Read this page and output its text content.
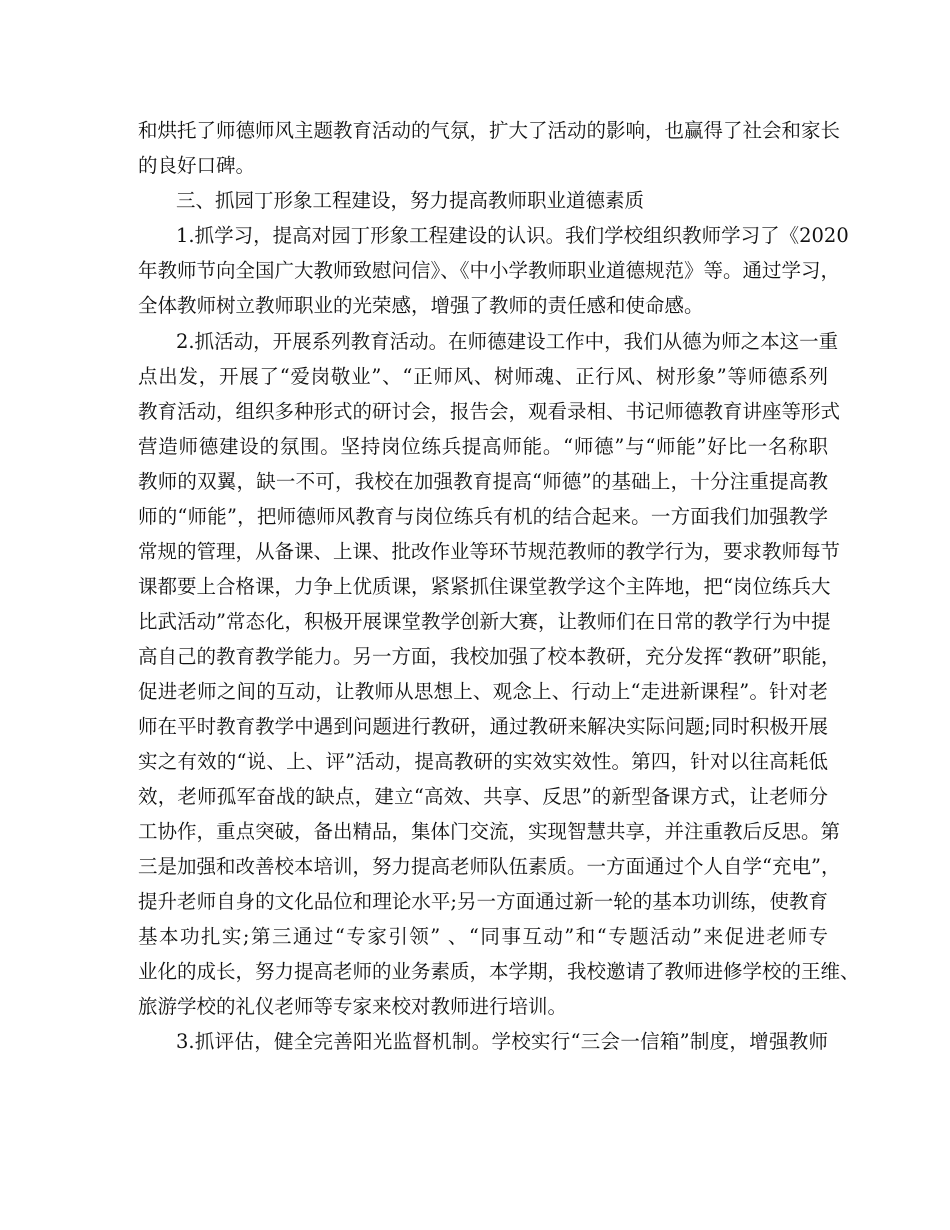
和烘托了师德师风主题教育活动的气氛，扩大了活动的影响，也赢得了社会和家长
的良好口碑。
三、抓园丁形象工程建设，努力提高教师职业道德素质
1.抓学习，提高对园丁形象工程建设的认识。我们学校组织教师学习了《2020
年教师节向全国广大教师致慰问信》、《中小学教师职业道德规范》等。通过学习，
全体教师树立教师职业的光荣感，增强了教师的责任感和使命感。
2.抓活动，开展系列教育活动。在师德建设工作中，我们从德为师之本这一重
点出发，开展了“爱岗敬业”、“正师风、树师魂、正行风、树形象”等师德系列
教育活动，组织多种形式的研讨会，报告会，观看录相、书记师德教育讲座等形式
营造师德建设的氛围。坚持岗位练兵提高师能。“师德”与“师能”好比一名称职
教师的双翼，缺一不可，我校在加强教育提高“师德”的基础上，十分注重提高教
师的“师能”，把师德师风教育与岗位练兵有机的结合起来。一方面我们加强教学
常规的管理，从备课、上课、批改作业等环节规范教师的教学行为，要求教师每节
课都要上合格课，力争上优质课，紧紧抓住课堂教学这个主阵地，把“岗位练兵大
比武活动”常态化，积极开展课堂教学创新大赛，让教师们在日常的教学行为中提
高自己的教育教学能力。另一方面，我校加强了校本教研，充分发挥“教研”职能，
促进老师之间的互动，让教师从思想上、观念上、行动上“走进新课程”。针对老
师在平时教育教学中遇到问题进行教研，通过教研来解决实际问题;同时积极开展
实之有效的“说、上、评”活动，提高教研的实效实效性。第四，针对以往高耗低
效，老师孤军奋战的缺点，建立“高效、共享、反思”的新型备课方式，让老师分
工协作，重点突破，备出精品，集体门交流，实现智慧共享，并注重教后反思。第
三是加强和改善校本培训，努力提高老师队伍素质。一方面通过个人自学“充电”，
提升老师自身的文化品位和理论水平;另一方面通过新一轮的基本功训练，使教育
基本功扎实;第三通过“专家引领” 、“同事互动”和“专题活动”来促进老师专
业化的成长，努力提高老师的业务素质，本学期，我校邀请了教师进修学校的王维、
旅游学校的礼仪老师等专家来校对教师进行培训。
3.抓评估，健全完善阳光监督机制。学校实行“三会一信箱”制度，增强教师
